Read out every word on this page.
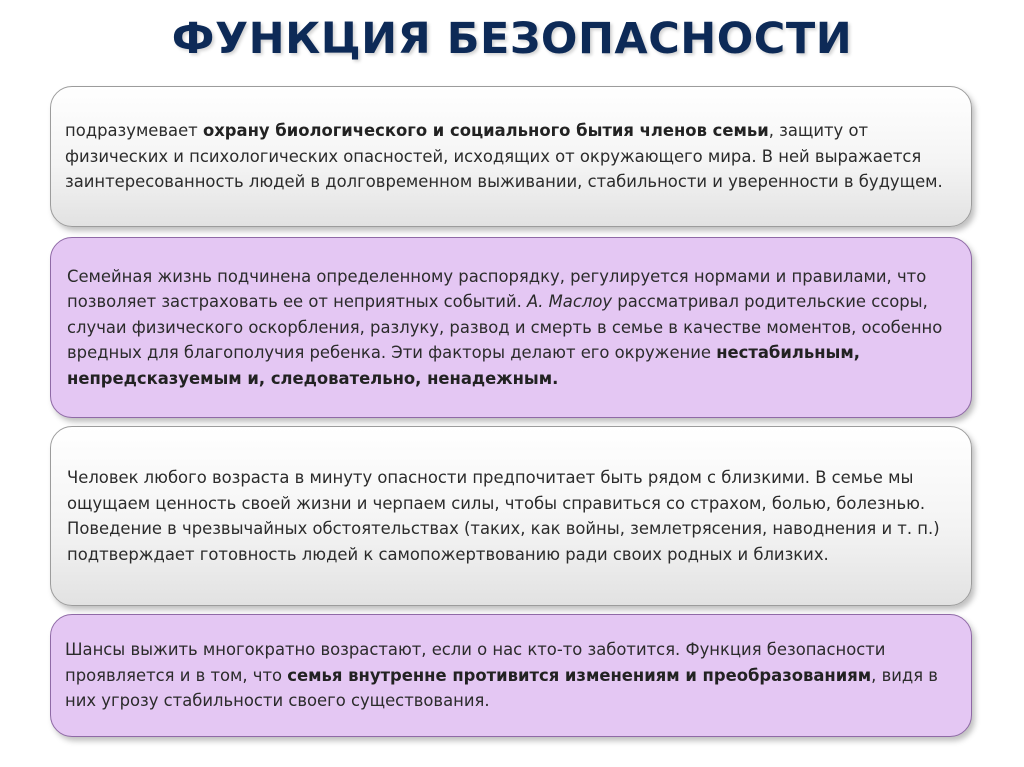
ФУНКЦИЯ БЕЗОПАСНОСТИ

подразумевает охрану биологического и социального бытия членов семьи, защиту от физических и психологических опасностей, исходящих от окружающего мира. В ней выражается заинтересованность людей в долговременном выживании, стабильности и уверенности в будущем.

Семейная жизнь подчинена определенному распорядку, регулируется нормами и правилами, что позволяет застраховать ее от неприятных событий. А. Маслоу рассматривал родительские ссоры, случаи физического оскорбления, разлуку, развод и смерть в семье в качестве моментов, особенно вредных для благополучия ребенка. Эти факторы делают его окружение нестабильным, непредсказуемым и, следовательно, ненадежным.

Человек любого возраста в минуту опасности предпочитает быть рядом с близкими. В семье мы ощущаем ценность своей жизни и черпаем силы, чтобы справиться со страхом, болью, болезнью. Поведение в чрезвычайных обстоятельствах (таких, как войны, землетрясения, наводнения и т. п.) подтверждает готовность людей к самопожертвованию ради своих родных и близких.

Шансы выжить многократно возрастают, если о нас кто-то заботится. Функция безопасности проявляется и в том, что семья внутренне противится изменениям и преобразованиям, видя в них угрозу стабильности своего существования.
